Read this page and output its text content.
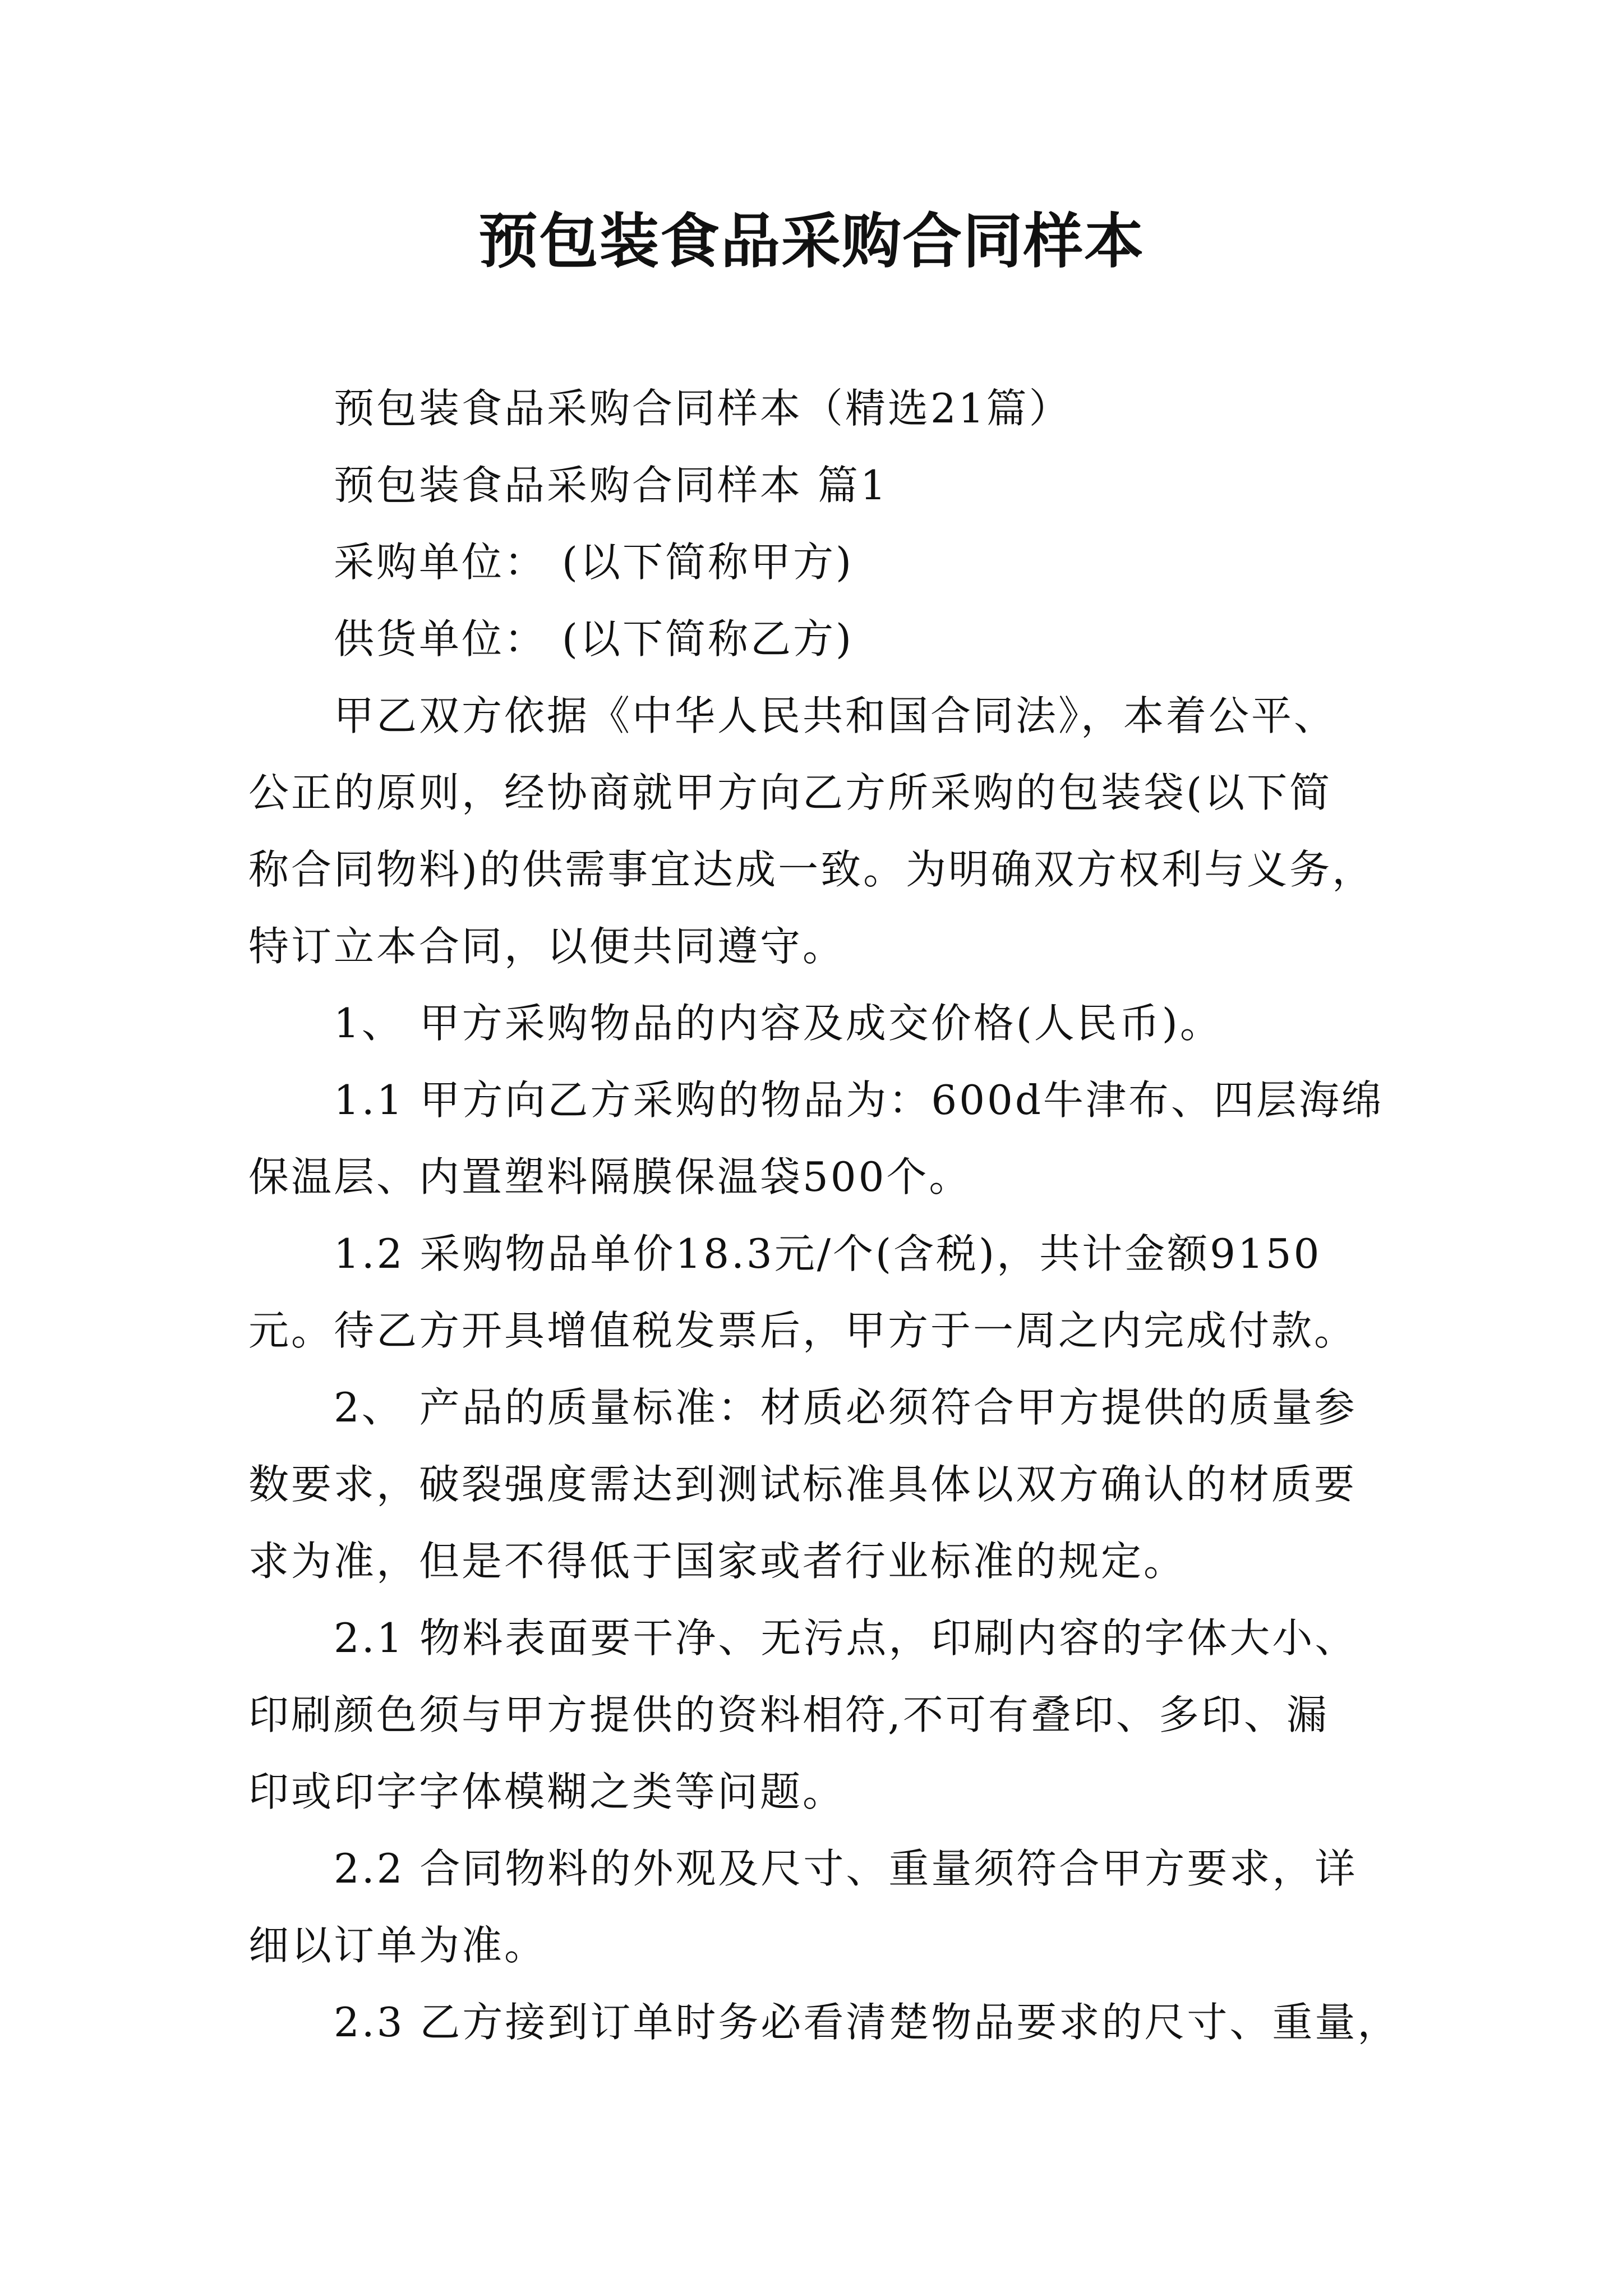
预包装食品采购合同样本
预包装食品采购合同样本（精选21篇）
预包装食品采购合同样本 篇1
采购单位： (以下简称甲方)
供货单位： (以下简称乙方)
甲乙双方依据《中华人民共和国合同法》，本着公平、
公正的原则，经协商就甲方向乙方所采购的包装袋(以下简
称合同物料)的供需事宜达成一致。为明确双方权利与义务，
特订立本合同，以便共同遵守。
1、 甲方采购物品的内容及成交价格(人民币)。
1.1 甲方向乙方采购的物品为：600d牛津布、四层海绵
保温层、内置塑料隔膜保温袋500个。
1.2 采购物品单价18.3元/个(含税)，共计金额9150
元。待乙方开具增值税发票后，甲方于一周之内完成付款。
2、 产品的质量标准：材质必须符合甲方提供的质量参
数要求，破裂强度需达到测试标准具体以双方确认的材质要
求为准，但是不得低于国家或者行业标准的规定。
2.1 物料表面要干净、无污点，印刷内容的字体大小、
印刷颜色须与甲方提供的资料相符,不可有叠印、多印、漏
印或印字字体模糊之类等问题。
2.2 合同物料的外观及尺寸、重量须符合甲方要求，详
细以订单为准。
2.3 乙方接到订单时务必看清楚物品要求的尺寸、重量，
